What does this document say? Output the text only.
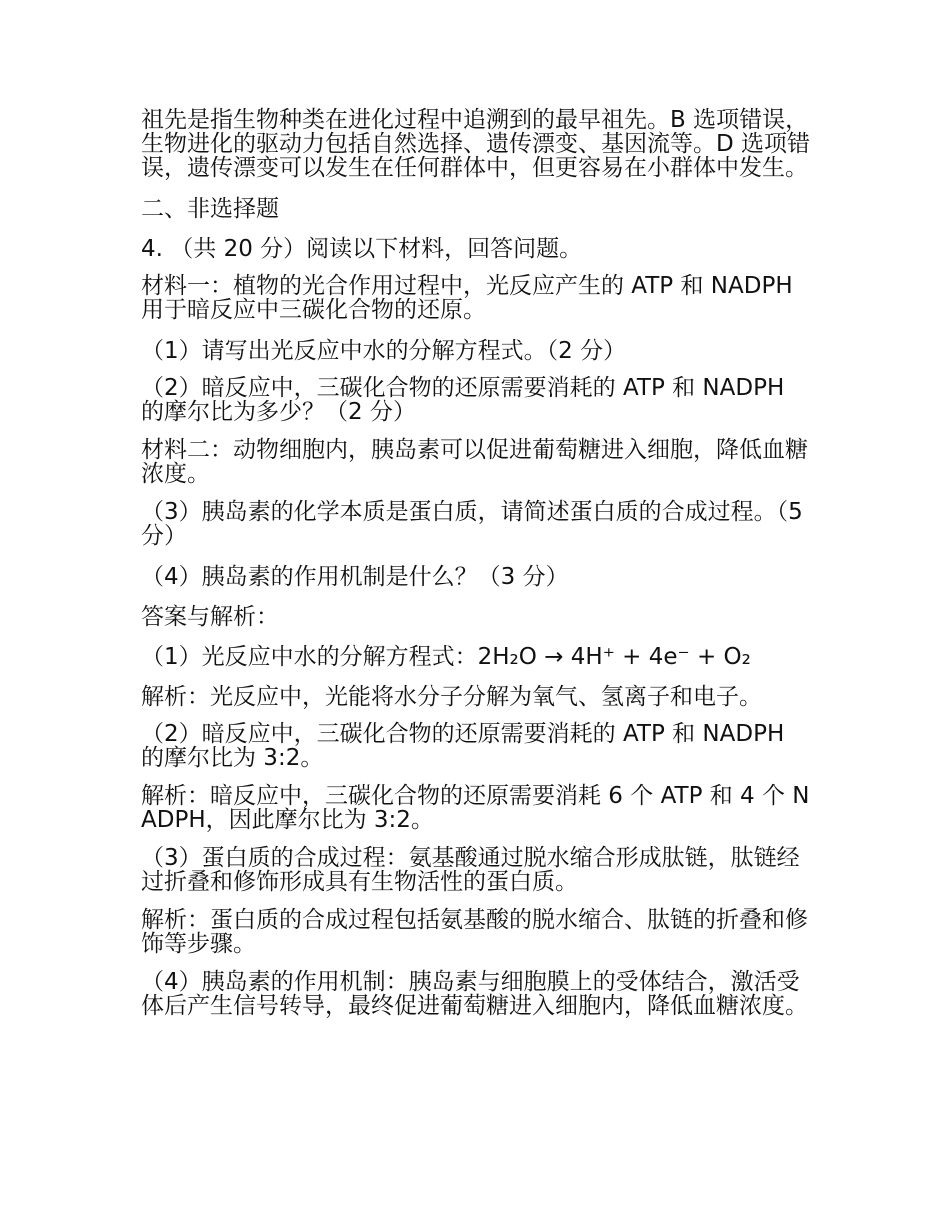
祖先是指生物种类在进化过程中追溯到的最早祖先。B 选项错误，生物进化的驱动力包括自然选择、遗传漂变、基因流等。D 选项错误，遗传漂变可以发生在任何群体中，但更容易在小群体中发生。

二、非选择题

4. （共 20 分）阅读以下材料，回答问题。

材料一：植物的光合作用过程中，光反应产生的 ATP 和 NADPH 用于暗反应中三碳化合物的还原。

（1）请写出光反应中水的分解方程式。（2 分）

（2）暗反应中，三碳化合物的还原需要消耗的 ATP 和 NADPH 的摩尔比为多少？（2 分）

材料二：动物细胞内，胰岛素可以促进葡萄糖进入细胞，降低血糖浓度。

（3）胰岛素的化学本质是蛋白质，请简述蛋白质的合成过程。（5 分）

（4）胰岛素的作用机制是什么？（3 分）

答案与解析：

（1）光反应中水的分解方程式：2H₂O → 4H⁺ + 4e⁻ + O₂

解析：光反应中，光能将水分子分解为氧气、氢离子和电子。

（2）暗反应中，三碳化合物的还原需要消耗的 ATP 和 NADPH 的摩尔比为 3:2。

解析：暗反应中，三碳化合物的还原需要消耗 6 个 ATP 和 4 个 NADPH，因此摩尔比为 3:2。

（3）蛋白质的合成过程：氨基酸通过脱水缩合形成肽链，肽链经过折叠和修饰形成具有生物活性的蛋白质。

解析：蛋白质的合成过程包括氨基酸的脱水缩合、肽链的折叠和修饰等步骤。

（4）胰岛素的作用机制：胰岛素与细胞膜上的受体结合，激活受体后产生信号转导，最终促进葡萄糖进入细胞内，降低血糖浓度。
